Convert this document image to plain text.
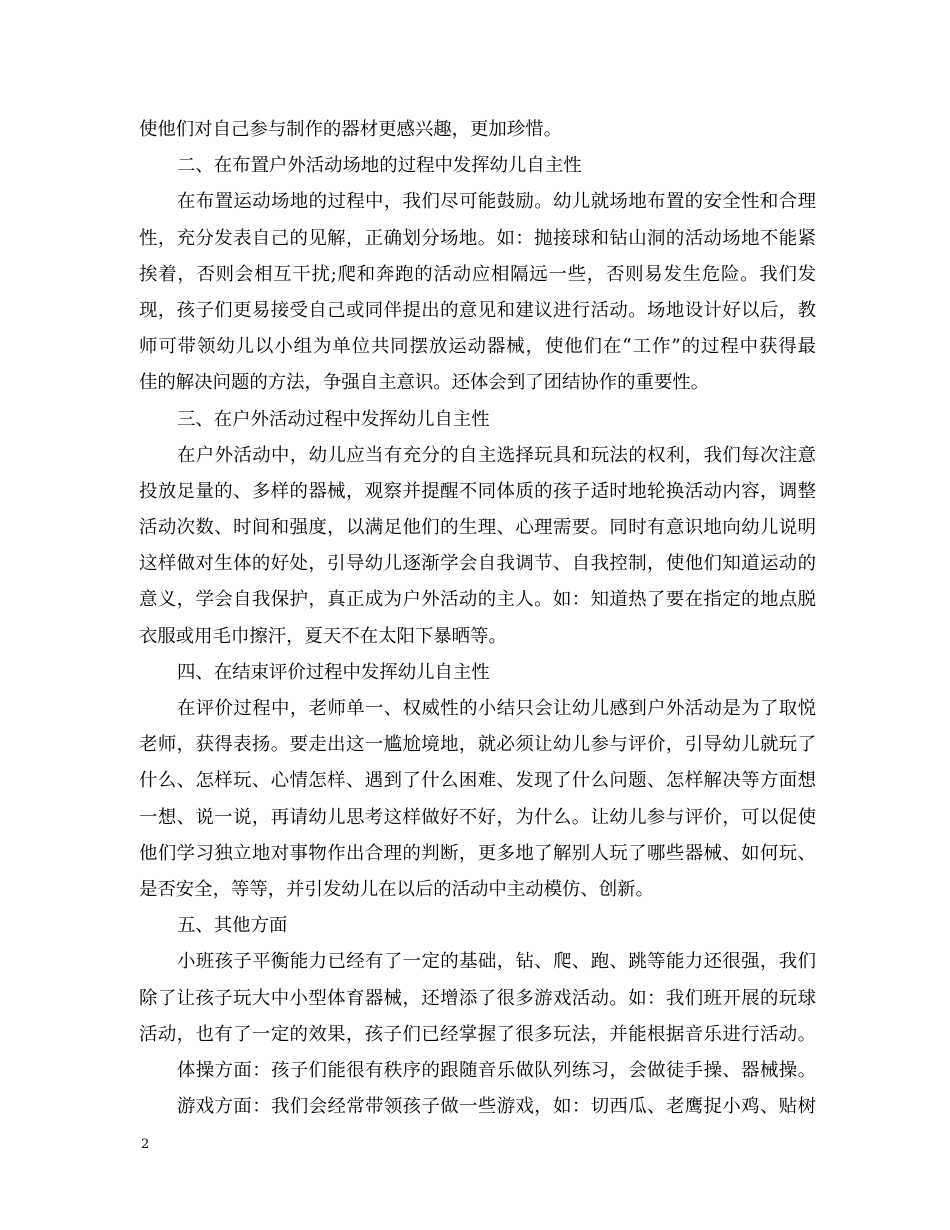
使他们对自己参与制作的器材更感兴趣，更加珍惜。
二、在布置户外活动场地的过程中发挥幼儿自主性
在布置运动场地的过程中，我们尽可能鼓励。幼儿就场地布置的安全性和合理
性，充分发表自己的见解，正确划分场地。如：抛接球和钻山洞的活动场地不能紧
挨着，否则会相互干扰;爬和奔跑的活动应相隔远一些，否则易发生危险。我们发
现，孩子们更易接受自己或同伴提出的意见和建议进行活动。场地设计好以后，教
师可带领幼儿以小组为单位共同摆放运动器械，使他们在“工作”的过程中获得最
佳的解决问题的方法，争强自主意识。还体会到了团结协作的重要性。
三、在户外活动过程中发挥幼儿自主性
在户外活动中，幼儿应当有充分的自主选择玩具和玩法的权利，我们每次注意
投放足量的、多样的器械，观察并提醒不同体质的孩子适时地轮换活动内容，调整
活动次数、时间和强度，以满足他们的生理、心理需要。同时有意识地向幼儿说明
这样做对生体的好处，引导幼儿逐渐学会自我调节、自我控制，使他们知道运动的
意义，学会自我保护，真正成为户外活动的主人。如：知道热了要在指定的地点脱
衣服或用毛巾擦汗，夏天不在太阳下暴晒等。
四、在结束评价过程中发挥幼儿自主性
在评价过程中，老师单一、权威性的小结只会让幼儿感到户外活动是为了取悦
老师，获得表扬。要走出这一尴尬境地，就必须让幼儿参与评价，引导幼儿就玩了
什么、怎样玩、心情怎样、遇到了什么困难、发现了什么问题、怎样解决等方面想
一想、说一说，再请幼儿思考这样做好不好，为什么。让幼儿参与评价，可以促使
他们学习独立地对事物作出合理的判断，更多地了解别人玩了哪些器械、如何玩、
是否安全，等等，并引发幼儿在以后的活动中主动模仿、创新。
五、其他方面
小班孩子平衡能力已经有了一定的基础，钻、爬、跑、跳等能力还很强，我们
除了让孩子玩大中小型体育器械，还增添了很多游戏活动。如：我们班开展的玩球
活动，也有了一定的效果，孩子们已经掌握了很多玩法，并能根据音乐进行活动。
体操方面：孩子们能很有秩序的跟随音乐做队列练习，会做徒手操、器械操。
游戏方面：我们会经常带领孩子做一些游戏，如：切西瓜、老鹰捉小鸡、贴树
2
